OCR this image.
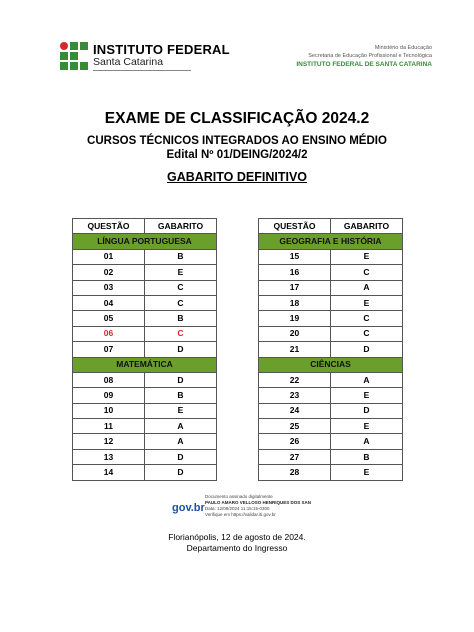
INSTITUTO FEDERAL
Santa Catarina
Ministério da Educação
Secretaria de Educação Profissional e Tecnológica
INSTITUTO FEDERAL DE SANTA CATARINA
EXAME DE CLASSIFICAÇÃO 2024.2
CURSOS TÉCNICOS INTEGRADOS AO ENSINO MÉDIO
Edital Nº 01/DEING/2024/2
GABARITO DEFINITIVO
QUESTÃO	GABARITO
LÍNGUA PORTUGUESA	
01	B
02	E
03	C
04	C
05	B
06	C
07	D
MATEMÁTICA	
08	D
09	B
10	E
11	A
12	A
13	D
14	D
QUESTÃO	GABARITO
GEOGRAFIA E HISTÓRIA	
15	E
16	C
17	A
18	E
19	C
20	C
21	D
CIÊNCIAS	
22	A
23	E
24	D
25	E
26	A
27	B
28	E
gov.br
Documento assinado digitalmente
PAULO AMARO VELLOSO HENRIQUES DOS SAN
Data: 12/08/2024 11:15:15-0300
Verifique em https://validar.iti.gov.br
Florianópolis, 12 de agosto de 2024.
Departamento do Ingresso
